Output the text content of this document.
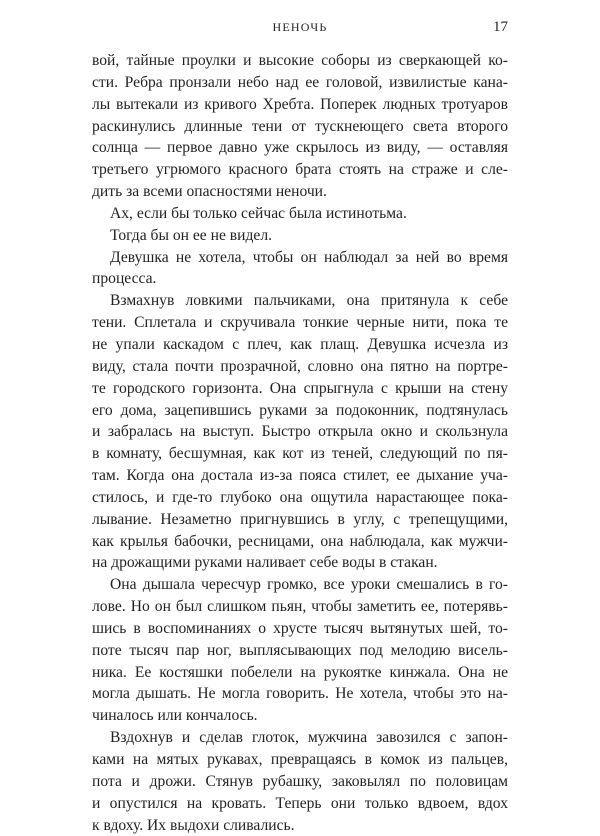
НЕНОЧЬ	17
вой, тайные проулки и высокие соборы из сверкающей ко-
сти. Ребра пронзали небо над ее головой, извилистые кана-
лы вытекали из кривого Хребта. Поперек людных тротуаров
раскинулись длинные тени от тускнеющего света второго
солнца — первое давно уже скрылось из виду, — оставляя
третьего угрюмого красного брата стоять на страже и сле-
дить за всеми опасностями неночи.
Ах, если бы только сейчас была истинотьма.
Тогда бы он ее не видел.
Девушка не хотела, чтобы он наблюдал за ней во время
процесса.
Взмахнув ловкими пальчиками, она притянула к себе
тени. Сплетала и скручивала тонкие черные нити, пока те
не упали каскадом с плеч, как плащ. Девушка исчезла из
виду, стала почти прозрачной, словно она пятно на портре-
те городского горизонта. Она спрыгнула с крыши на стену
его дома, зацепившись руками за подоконник, подтянулась
и забралась на выступ. Быстро открыла окно и скользнула
в комнату, бесшумная, как кот из теней, следующий по пя-
там. Когда она достала из-за пояса стилет, ее дыхание уча-
стилось, и где-то глубоко она ощутила нарастающее пока-
лывание. Незаметно пригнувшись в углу, с трепещущими,
как крылья бабочки, ресницами, она наблюдала, как мужчи-
на дрожащими руками наливает себе воды в стакан.
Она дышала чересчур громко, все уроки смешались в го-
лове. Но он был слишком пьян, чтобы заметить ее, потерявь-
шись в воспоминаниях о хрусте тысяч вытянутых шей, то-
поте тысяч пар ног, выплясывающих под мелодию висель-
ника. Ее костяшки побелели на рукоятке кинжала. Она не
могла дышать. Не могла говорить. Не хотела, чтобы это на-
чиналось или кончалось.
Вздохнув и сделав глоток, мужчина завозился с запон-
ками на мятых рукавах, превращаясь в комок из пальцев,
пота и дрожи. Стянув рубашку, заковылял по половицам
и опустился на кровать. Теперь они только вдвоем, вдох
к вдоху. Их выдохи сливались.
